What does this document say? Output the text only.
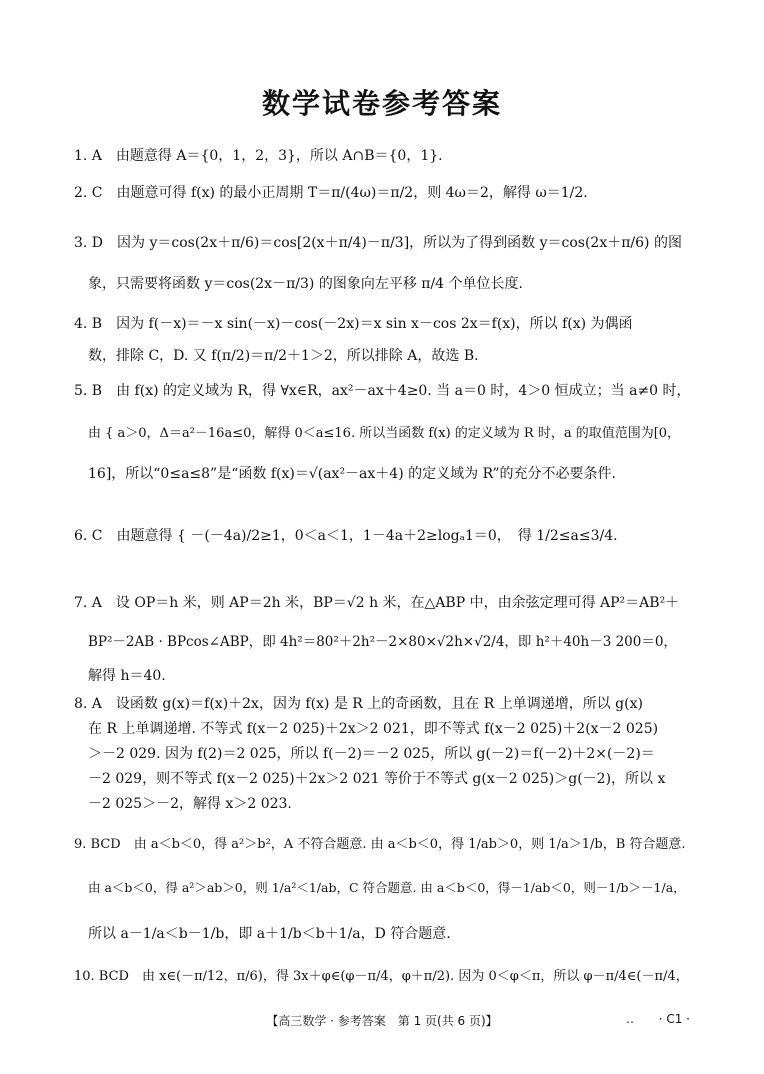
数学试卷参考答案
1. A　由题意得 A＝{0，1，2，3}，所以 A∩B＝{0，1}.
2. C　由题意可得 f(x) 的最小正周期 T＝π/(4ω)＝π/2，则 4ω＝2，解得 ω＝1/2.
3. D　因为 y＝cos(2x＋π/6)＝cos[2(x＋π/4)－π/3]，所以为了得到函数 y＝cos(2x＋π/6) 的图
象，只需要将函数 y＝cos(2x－π/3) 的图象向左平移 π/4 个单位长度.
4. B　因为 f(－x)＝－x sin(－x)－cos(－2x)＝x sin x－cos 2x＝f(x)，所以 f(x) 为偶函
数，排除 C，D. 又 f(π/2)＝π/2＋1＞2，所以排除 A，故选 B.
5. B　由 f(x) 的定义域为 R，得 ∀x∈R，ax²－ax＋4≥0. 当 a＝0 时，4＞0 恒成立；当 a≠0 时，
由 { a＞0，Δ＝a²－16a≤0，解得 0＜a≤16. 所以当函数 f(x) 的定义域为 R 时，a 的取值范围为[0，
16]，所以“0≤a≤8”是“函数 f(x)＝√(ax²－ax＋4) 的定义域为 R”的充分不必要条件.
6. C　由题意得 { －(－4a)/2≥1，0＜a＜1，1－4a＋2≥logₐ1＝0，　得 1/2≤a≤3/4.
7. A　设 OP＝h 米，则 AP＝2h 米，BP＝√2 h 米，在△ABP 中，由余弦定理可得 AP²＝AB²＋
BP²－2AB · BPcos∠ABP，即 4h²＝80²＋2h²－2×80×√2h×√2/4，即 h²＋40h－3 200＝0，
解得 h＝40.
8. A　设函数 g(x)＝f(x)＋2x，因为 f(x) 是 R 上的奇函数，且在 R 上单调递增，所以 g(x)
在 R 上单调递增. 不等式 f(x－2 025)＋2x＞2 021，即不等式 f(x－2 025)＋2(x－2 025)
＞－2 029. 因为 f(2)＝2 025，所以 f(－2)＝－2 025，所以 g(－2)＝f(－2)＋2×(－2)＝
－2 029，则不等式 f(x－2 025)＋2x＞2 021 等价于不等式 g(x－2 025)＞g(－2)，所以 x
－2 025＞－2，解得 x＞2 023.
9. BCD　由 a＜b＜0，得 a²＞b²，A 不符合题意. 由 a＜b＜0，得 1/ab＞0，则 1/a＞1/b，B 符合题意.
由 a＜b＜0，得 a²＞ab＞0，则 1/a²＜1/ab，C 符合题意. 由 a＜b＜0，得－1/ab＜0，则－1/b＞－1/a，
所以 a－1/a＜b－1/b，即 a＋1/b＜b＋1/a，D 符合题意.
10. BCD　由 x∈(－π/12，π/6)，得 3x＋φ∈(φ－π/4，φ＋π/2). 因为 0＜φ＜π，所以 φ－π/4∈(－π/4，
【高三数学 · 参考答案　第 1 页(共 6 页)】	‥ · C1 ·
